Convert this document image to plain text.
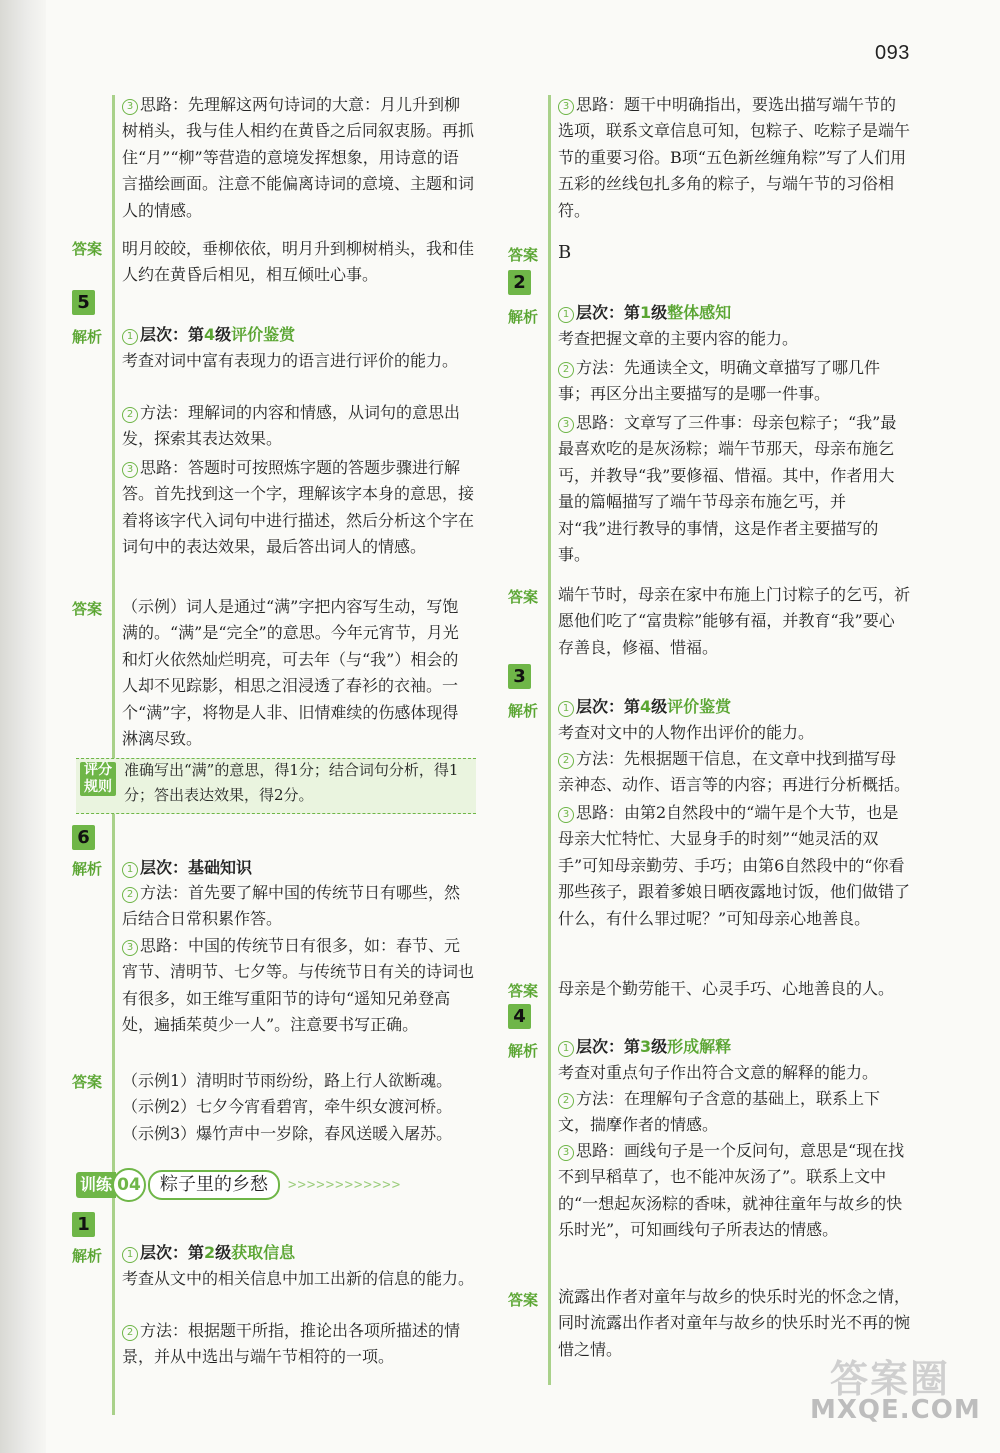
093
3 思路：先理解这两句诗词的大意：月儿升到柳树梢头，我与佳人相约在黄昏之后同叙衷肠。再抓住“月”“柳”等营造的意境发挥想象，用诗意的语言描绘画面。注意不能偏离诗词的意境、主题和词人的情感。
答案 明月皎皎，垂柳依依，明月升到柳树梢头，我和佳人约在黄昏后相见，相互倾吐心事。
5
解析	1 层次：第4级评价鉴赏
考查对词中富有表现力的语言进行评价的能力。
2 方法：理解词的内容和情感，从词句的意思出发，探索其表达效果。
3 思路：答题时可按照炼字题的答题步骤进行解答。首先找到这一个字，理解该字本身的意思，接着将该字代入词句中进行描述，然后分析这个字在词句中的表达效果，最后答出词人的情感。
答案 （示例）词人是通过“满”字把内容写生动，写饱满的。“满”是“完全”的意思。今年元宵节，月光和灯火依然灿烂明亮，可去年（与“我”）相会的人却不见踪影，相思之泪浸透了春衫的衣袖。一个“满”字，将物是人非、旧情难续的伤感体现得淋漓尽致。
评分规则
准确写出“满”的意思，得1分；结合词句分析，得1分；答出表达效果，得2分。
6
解析	1 层次：基础知识
2 方法：首先要了解中国的传统节日有哪些，然后结合日常积累作答。
3 思路：中国的传统节日有很多，如：春节、元宵节、清明节、七夕等。与传统节日有关的诗词也有很多，如王维写重阳节的诗句“遥知兄弟登高处，遍插茱萸少一人”。注意要书写正确。
答案 （示例1）清明时节雨纷纷，路上行人欲断魂。
（示例2）七夕今宵看碧宵，牵牛织女渡河桥。
（示例3）爆竹声中一岁除，春风送暖入屠苏。
训练 04	粽子里的乡愁	>>>>>>>>>>>>
1
解析	1 层次：第2级获取信息
考查从文中的相关信息中加工出新的信息的能力。
2 方法：根据题干所指，推论出各项所描述的情景，并从中选出与端午节相符的一项。
3 思路：题干中明确指出，要选出描写端午节的选项，联系文章信息可知，包粽子、吃粽子是端午节的重要习俗。B项“五色新丝缠角粽”写了人们用五彩的丝线包扎多角的粽子，与端午节的习俗相符。
答案 B
2
解析	1 层次：第1级整体感知
考查把握文章的主要内容的能力。
2 方法：先通读全文，明确文章描写了哪几件事；再区分出主要描写的是哪一件事。
3 思路：文章写了三件事：母亲包粽子；“我”最最喜欢吃的是灰汤粽；端午节那天，母亲布施乞丐，并教导“我”要修福、惜福。其中，作者用大量的篇幅描写了端午节母亲布施乞丐，并对“我”进行教导的事情，这是作者主要描写的事。
答案 端午节时，母亲在家中布施上门讨粽子的乞丐，祈愿他们吃了“富贵粽”能够有福，并教育“我”要心存善良，修福、惜福。
3
解析	1 层次：第4级评价鉴赏
考查对文中的人物作出评价的能力。
2 方法：先根据题干信息，在文章中找到描写母亲神态、动作、语言等的内容；再进行分析概括。
3 思路：由第2自然段中的“端午是个大节，也是母亲大忙特忙、大显身手的时刻”“她灵活的双手”可知母亲勤劳、手巧；由第6自然段中的“你看那些孩子，跟着爹娘日晒夜露地讨饭，他们做错了什么，有什么罪过呢？”可知母亲心地善良。
答案 母亲是个勤劳能干、心灵手巧、心地善良的人。
4
解析	1 层次：第3级形成解释
考查对重点句子作出符合文意的解释的能力。
2 方法：在理解句子含意的基础上，联系上下文，揣摩作者的情感。
3 思路：画线句子是一个反问句，意思是“现在找不到早稻草了，也不能冲灰汤了”。联系上文中的“一想起灰汤粽的香味，就神往童年与故乡的快乐时光”，可知画线句子所表达的情感。
答案 流露出作者对童年与故乡的快乐时光的怀念之情，同时流露出作者对童年与故乡的快乐时光不再的惋惜之情。
答案圈
MXQE.COM
